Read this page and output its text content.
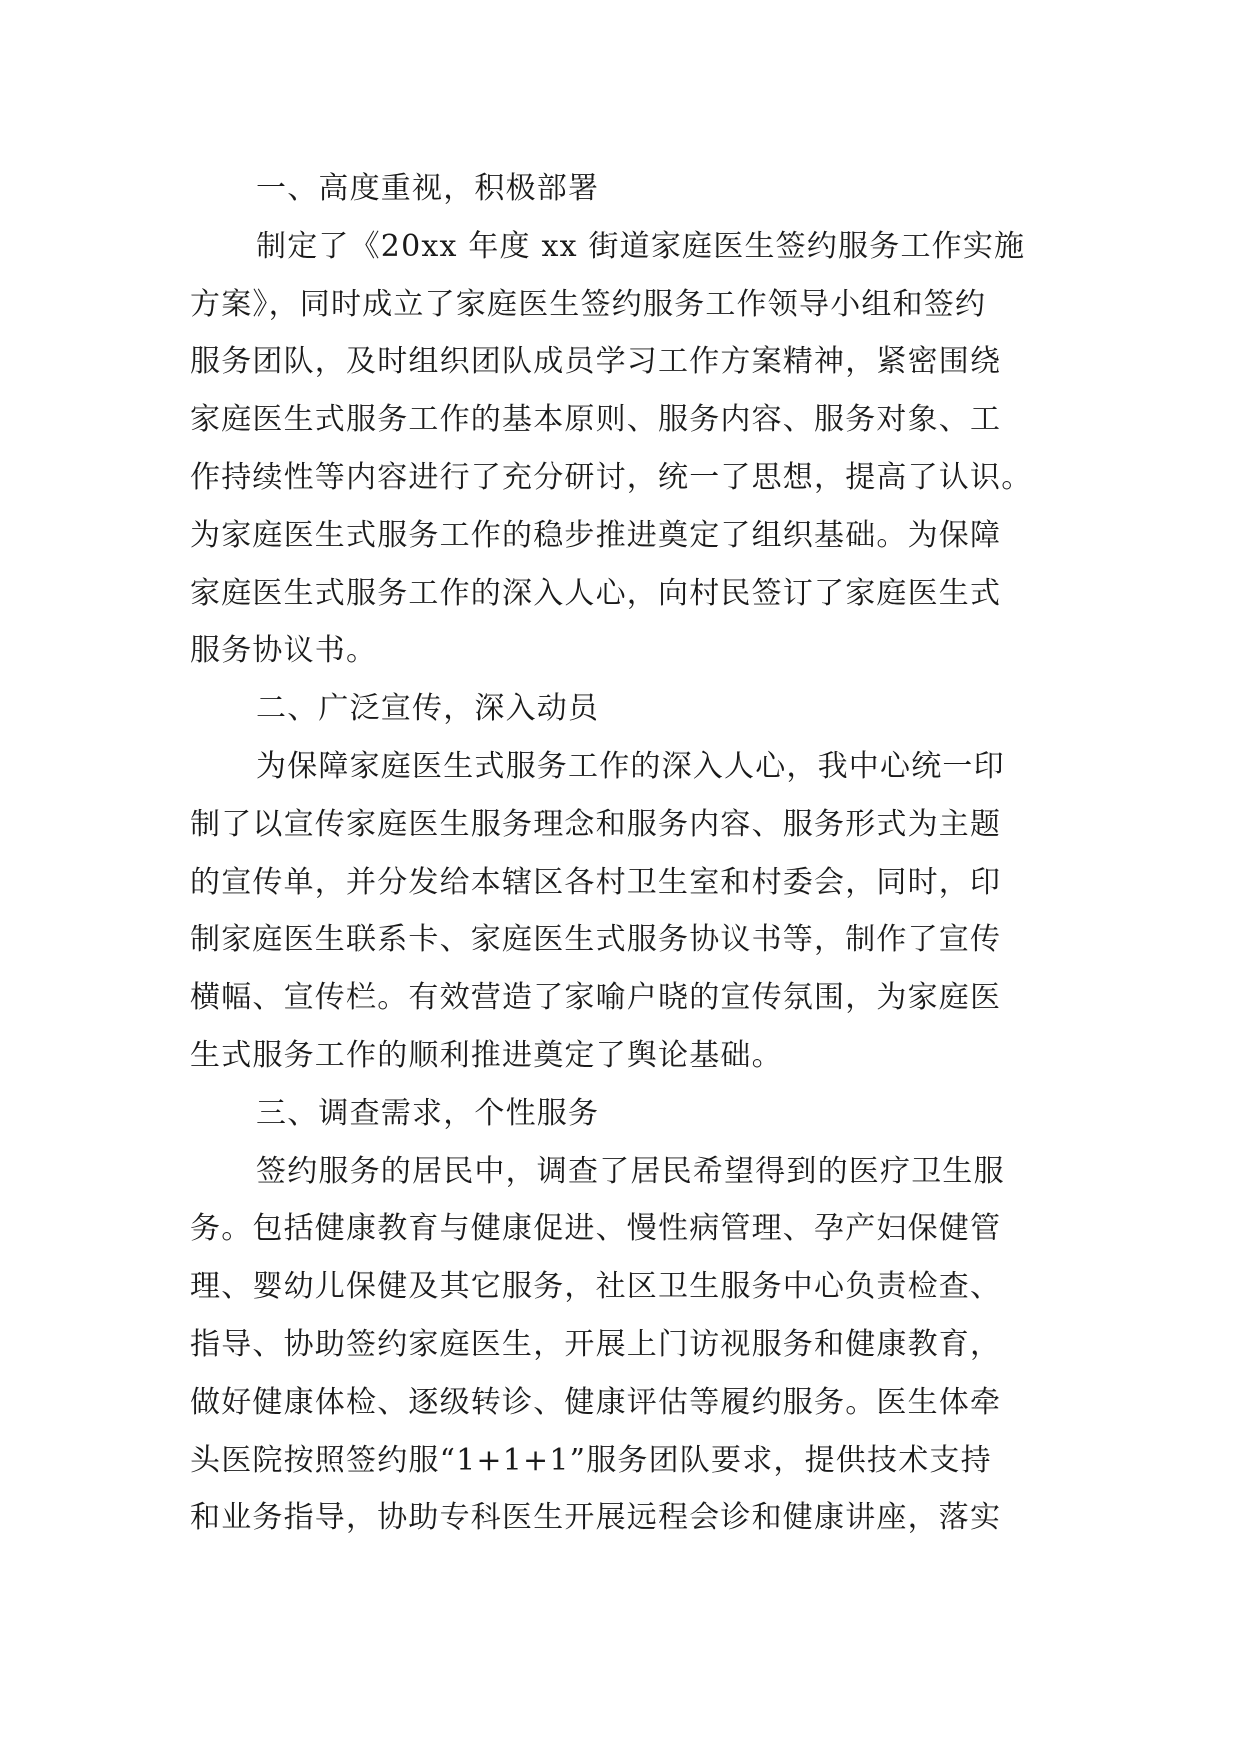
一、高度重视，积极部署

制定了《20xx 年度 xx 街道家庭医生签约服务工作实施

方案》，同时成立了家庭医生签约服务工作领导小组和签约

服务团队，及时组织团队成员学习工作方案精神，紧密围绕

家庭医生式服务工作的基本原则、服务内容、服务对象、工

作持续性等内容进行了充分研讨，统一了思想，提高了认识。

为家庭医生式服务工作的稳步推进奠定了组织基础。为保障

家庭医生式服务工作的深入人心，向村民签订了家庭医生式

服务协议书。

二、广泛宣传，深入动员

为保障家庭医生式服务工作的深入人心，我中心统一印

制了以宣传家庭医生服务理念和服务内容、服务形式为主题

的宣传单，并分发给本辖区各村卫生室和村委会，同时，印

制家庭医生联系卡、家庭医生式服务协议书等，制作了宣传

横幅、宣传栏。有效营造了家喻户晓的宣传氛围，为家庭医

生式服务工作的顺利推进奠定了舆论基础。

三、调查需求，个性服务

签约服务的居民中，调查了居民希望得到的医疗卫生服

务。包括健康教育与健康促进、慢性病管理、孕产妇保健管

理、婴幼儿保健及其它服务，社区卫生服务中心负责检查、

指导、协助签约家庭医生，开展上门访视服务和健康教育，

做好健康体检、逐级转诊、健康评估等履约服务。医生体牵

头医院按照签约服“1+1+1”服务团队要求，提供技术支持

和业务指导，协助专科医生开展远程会诊和健康讲座，落实
